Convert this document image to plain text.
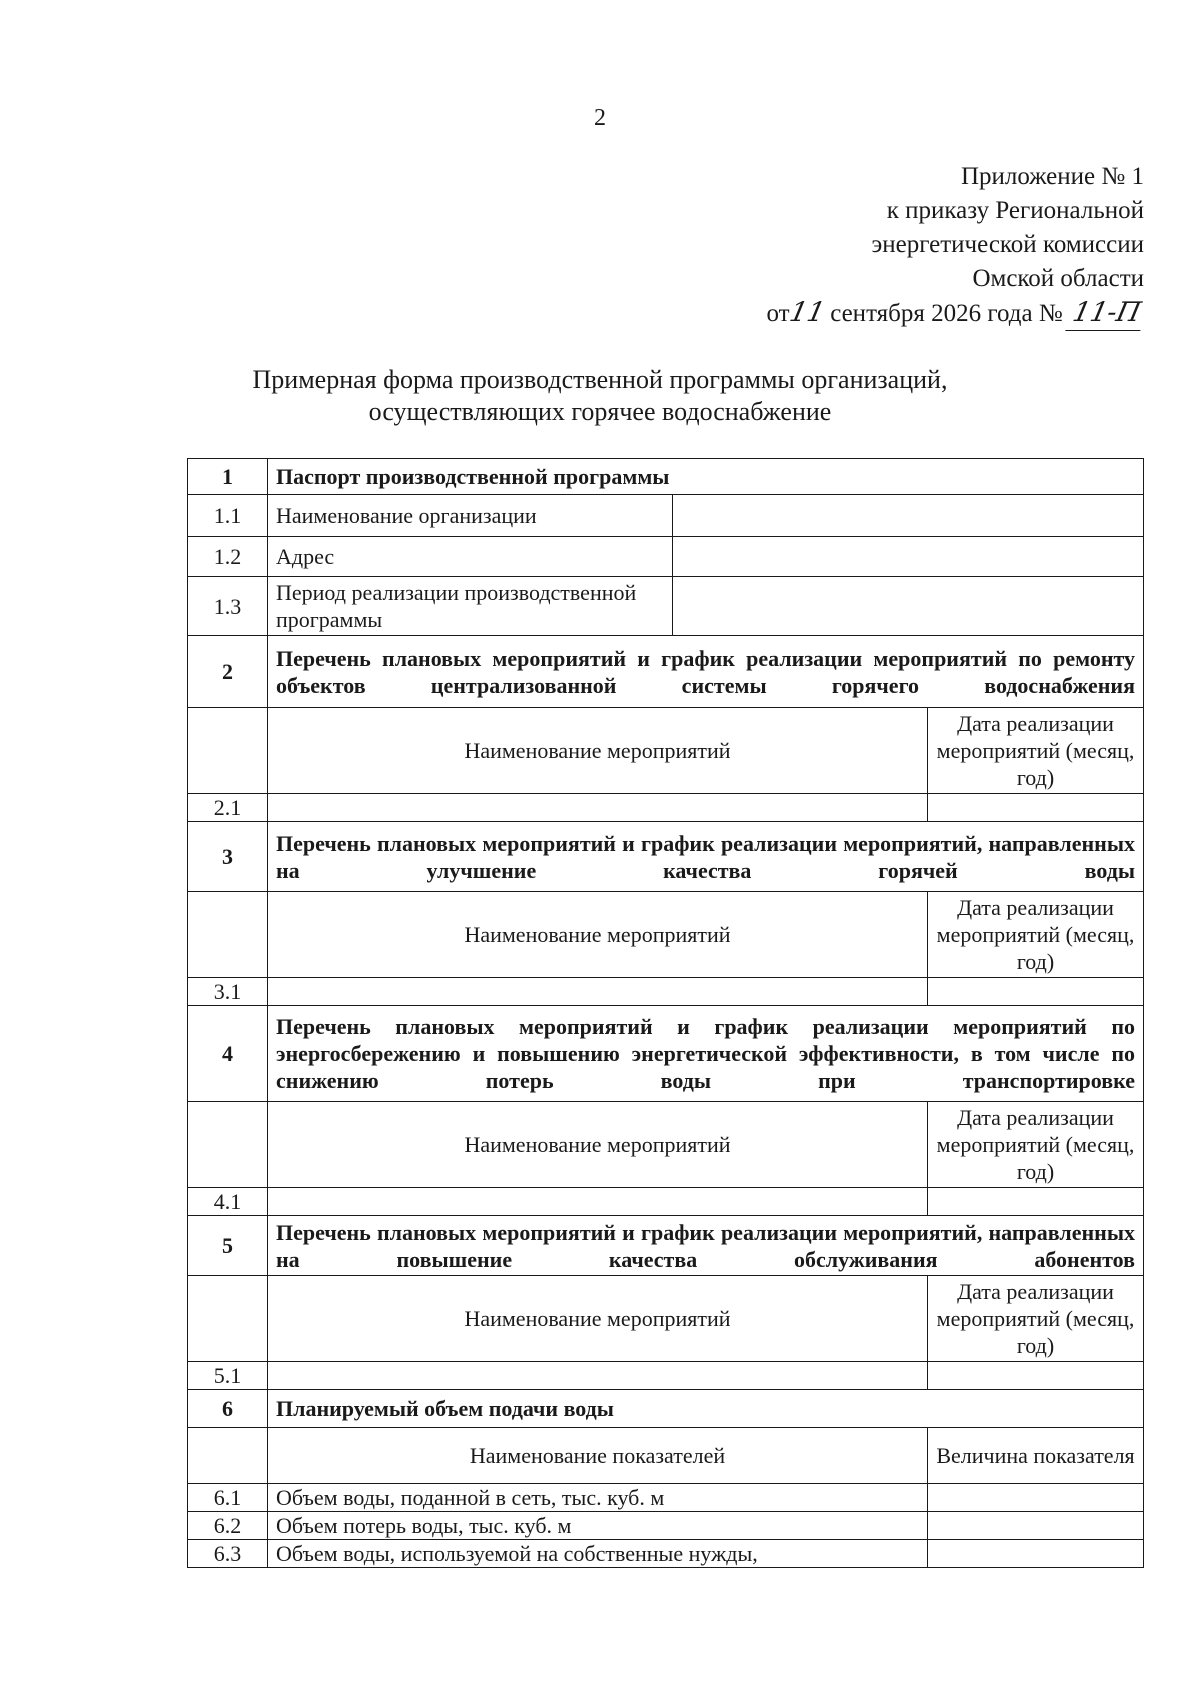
2
Приложение № 1
к приказу Региональной
энергетической комиссии
Омской области
от11 сентября 2026 года № 11-П
Примерная форма производственной программы организаций,
осуществляющих горячее водоснабжение
1	Паспорт производственной программы		
1.1	Наименование организации		
1.2	Адрес		
1.3	Период реализации производственной программы		
2	Перечень плановых мероприятий и график реализации мероприятий по ремонту объектов централизованной системы горячего водоснабжения		
	Наименование мероприятий		Дата реализации мероприятий (месяц, год)
2.1			
3	Перечень плановых мероприятий и график реализации мероприятий, направленных на улучшение качества горячей воды		
	Наименование мероприятий		Дата реализации мероприятий (месяц, год)
3.1			
4	Перечень плановых мероприятий и график реализации мероприятий по энергосбережению и повышению энергетической эффективности, в том числе по снижению потерь воды при транспортировке		
	Наименование мероприятий		Дата реализации мероприятий (месяц, год)
4.1			
5	Перечень плановых мероприятий и график реализации мероприятий, направленных на повышение качества обслуживания абонентов		
	Наименование мероприятий		Дата реализации мероприятий (месяц, год)
5.1			
6	Планируемый объем подачи воды		
	Наименование показателей		Величина показателя
6.1	Объем воды, поданной в сеть, тыс. куб. м		
6.2	Объем потерь воды, тыс. куб. м		
6.3	Объем воды, используемой на собственные нужды,		
